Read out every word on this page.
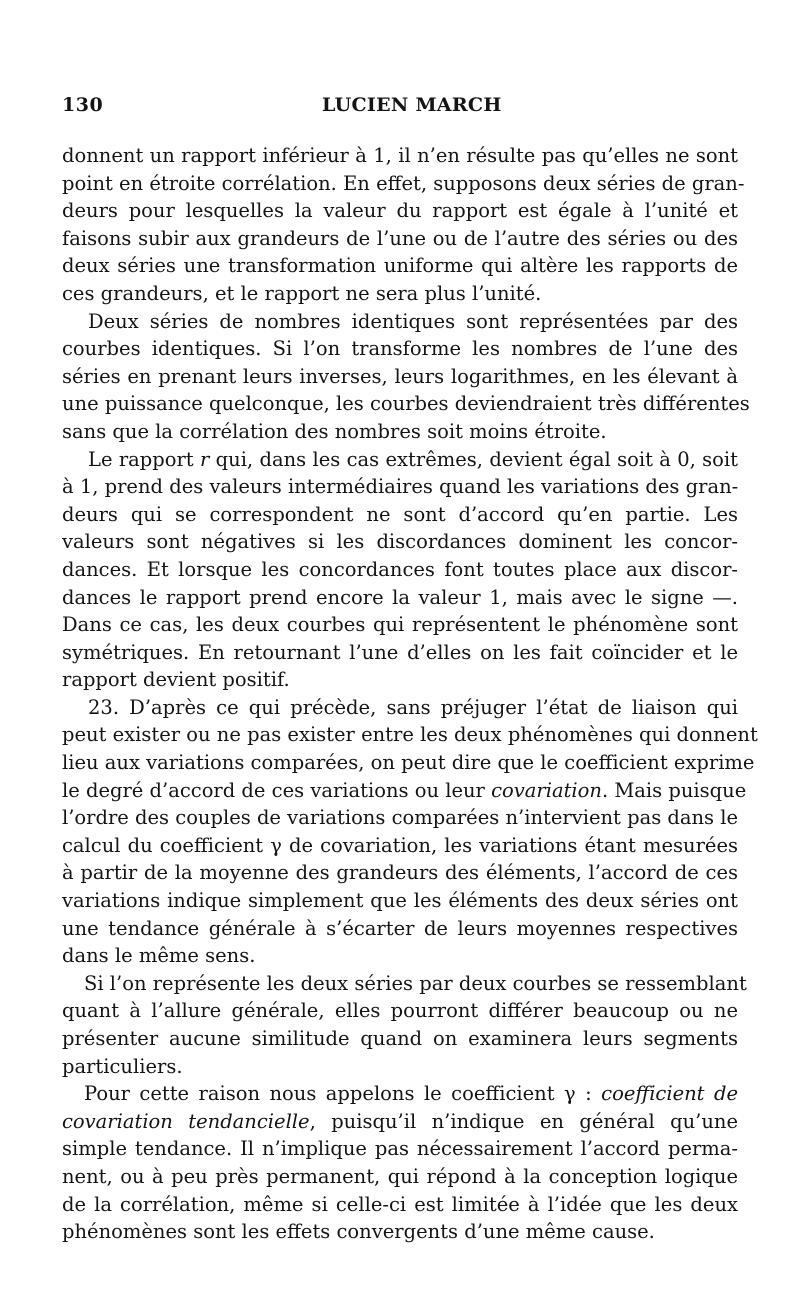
130	LUCIEN MARCH
donnent un rapport inférieur à 1, il n’en résulte pas qu’elles ne sont
point en étroite corrélation. En effet, supposons deux séries de gran-
deurs pour lesquelles la valeur du rapport est égale à l’unité et
faisons subir aux grandeurs de l’une ou de l’autre des séries ou des
deux séries une transformation uniforme qui altère les rapports de
ces grandeurs, et le rapport ne sera plus l’unité.
Deux séries de nombres identiques sont représentées par des
courbes identiques. Si l’on transforme les nombres de l’une des
séries en prenant leurs inverses, leurs logarithmes, en les élevant à
une puissance quelconque, les courbes deviendraient très différentes
sans que la corrélation des nombres soit moins étroite.
Le rapport r qui, dans les cas extrêmes, devient égal soit à 0, soit
à 1, prend des valeurs intermédiaires quand les variations des gran-
deurs qui se correspondent ne sont d’accord qu’en partie. Les
valeurs sont négatives si les discordances dominent les concor-
dances. Et lorsque les concordances font toutes place aux discor-
dances le rapport prend encore la valeur 1, mais avec le signe —.
Dans ce cas, les deux courbes qui représentent le phénomène sont
symétriques. En retournant l’une d’elles on les fait coïncider et le
rapport devient positif.
23. D’après ce qui précède, sans préjuger l’état de liaison qui
peut exister ou ne pas exister entre les deux phénomènes qui donnent
lieu aux variations comparées, on peut dire que le coefficient exprime
le degré d’accord de ces variations ou leur covariation. Mais puisque
l’ordre des couples de variations comparées n’intervient pas dans le
calcul du coefficient γ de covariation, les variations étant mesurées
à partir de la moyenne des grandeurs des éléments, l’accord de ces
variations indique simplement que les éléments des deux séries ont
une tendance générale à s’écarter de leurs moyennes respectives
dans le même sens.
Si l’on représente les deux séries par deux courbes se ressemblant
quant à l’allure générale, elles pourront différer beaucoup ou ne
présenter aucune similitude quand on examinera leurs segments
particuliers.
Pour cette raison nous appelons le coefficient γ : coefficient de
covariation tendancielle, puisqu’il n’indique en général qu’une
simple tendance. Il n’implique pas nécessairement l’accord perma-
nent, ou à peu près permanent, qui répond à la conception logique
de la corrélation, même si celle-ci est limitée à l’idée que les deux
phénomènes sont les effets convergents d’une même cause.
